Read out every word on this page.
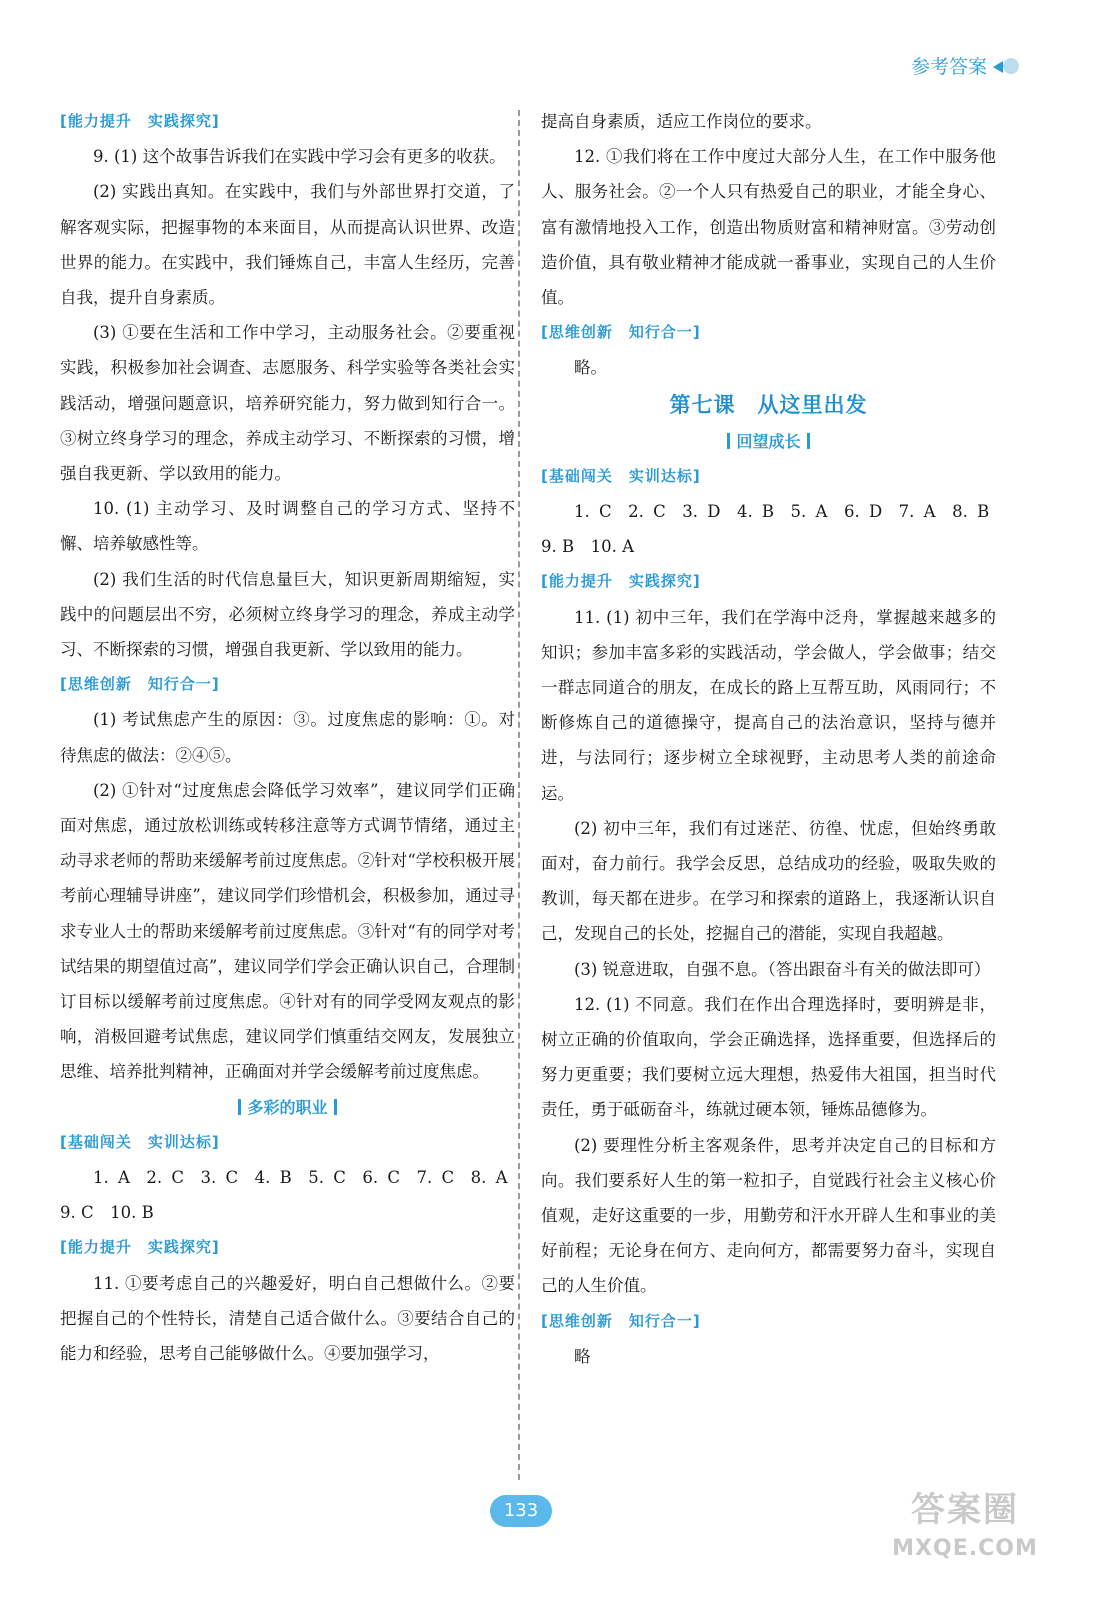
参考答案
[能力提升 实践探究]

9. (1) 这个故事告诉我们在实践中学习会有更多的收获。

(2) 实践出真知。在实践中，我们与外部世界打交道，了解客观实际，把握事物的本来面目，从而提高认识世界、改造世界的能力。在实践中，我们锤炼自己，丰富人生经历，完善自我，提升自身素质。

(3) ①要在生活和工作中学习，主动服务社会。②要重视实践，积极参加社会调查、志愿服务、科学实验等各类社会实践活动，增强问题意识，培养研究能力，努力做到知行合一。③树立终身学习的理念，养成主动学习、不断探索的习惯，增强自我更新、学以致用的能力。

10. (1) 主动学习、及时调整自己的学习方式、坚持不懈、培养敏感性等。

(2) 我们生活的时代信息量巨大，知识更新周期缩短，实践中的问题层出不穷，必须树立终身学习的理念，养成主动学习、不断探索的习惯，增强自我更新、学以致用的能力。

[思维创新 知行合一]

(1) 考试焦虑产生的原因：③。过度焦虑的影响：①。对待焦虑的做法：②④⑤。

(2) ①针对“过度焦虑会降低学习效率”，建议同学们正确面对焦虑，通过放松训练或转移注意等方式调节情绪，通过主动寻求老师的帮助来缓解考前过度焦虑。②针对“学校积极开展考前心理辅导讲座”，建议同学们珍惜机会，积极参加，通过寻求专业人士的帮助来缓解考前过度焦虑。③针对“有的同学对考试结果的期望值过高”，建议同学们学会正确认识自己，合理制订目标以缓解考前过度焦虑。④针对有的同学受网友观点的影响，消极回避考试焦虑，建议同学们慎重结交网友，发展独立思维、培养批判精神，正确面对并学会缓解考前过度焦虑。

多彩的职业
[基础闯关 实训达标]

1. A　2. C　3. C　4. B　5. C　6. C　7. C　8. A

9. C　10. B

[能力提升 实践探究]

11. ①要考虑自己的兴趣爱好，明白自己想做什么。②要把握自己的个性特长，清楚自己适合做什么。③要结合自己的能力和经验，思考自己能够做什么。④要加强学习，

提高自身素质，适应工作岗位的要求。

12. ①我们将在工作中度过大部分人生，在工作中服务他人、服务社会。②一个人只有热爱自己的职业，才能全身心、富有激情地投入工作，创造出物质财富和精神财富。③劳动创造价值，具有敬业精神才能成就一番事业，实现自己的人生价值。

[思维创新 知行合一]

略。

第七课 从这里出发
回望成长
[基础闯关 实训达标]

1. C　2. C　3. D　4. B　5. A　6. D　7. A　8. B

9. B　10. A

[能力提升 实践探究]

11. (1) 初中三年，我们在学海中泛舟，掌握越来越多的知识；参加丰富多彩的实践活动，学会做人，学会做事；结交一群志同道合的朋友，在成长的路上互帮互助，风雨同行；不断修炼自己的道德操守，提高自己的法治意识，坚持与德并进，与法同行；逐步树立全球视野，主动思考人类的前途命运。

(2) 初中三年，我们有过迷茫、彷徨、忧虑，但始终勇敢面对，奋力前行。我学会反思，总结成功的经验，吸取失败的教训，每天都在进步。在学习和探索的道路上，我逐渐认识自己，发现自己的长处，挖掘自己的潜能，实现自我超越。

(3) 锐意进取，自强不息。（答出跟奋斗有关的做法即可）

12. (1) 不同意。我们在作出合理选择时，要明辨是非，树立正确的价值取向，学会正确选择，选择重要，但选择后的努力更重要；我们要树立远大理想，热爱伟大祖国，担当时代责任，勇于砥砺奋斗，练就过硬本领，锤炼品德修为。

(2) 要理性分析主客观条件，思考并决定自己的目标和方向。我们要系好人生的第一粒扣子，自觉践行社会主义核心价值观，走好这重要的一步，用勤劳和汗水开辟人生和事业的美好前程；无论身在何方、走向何方，都需要努力奋斗，实现自己的人生价值。

[思维创新 知行合一]

略

133	答案圈
MXQE.COM
